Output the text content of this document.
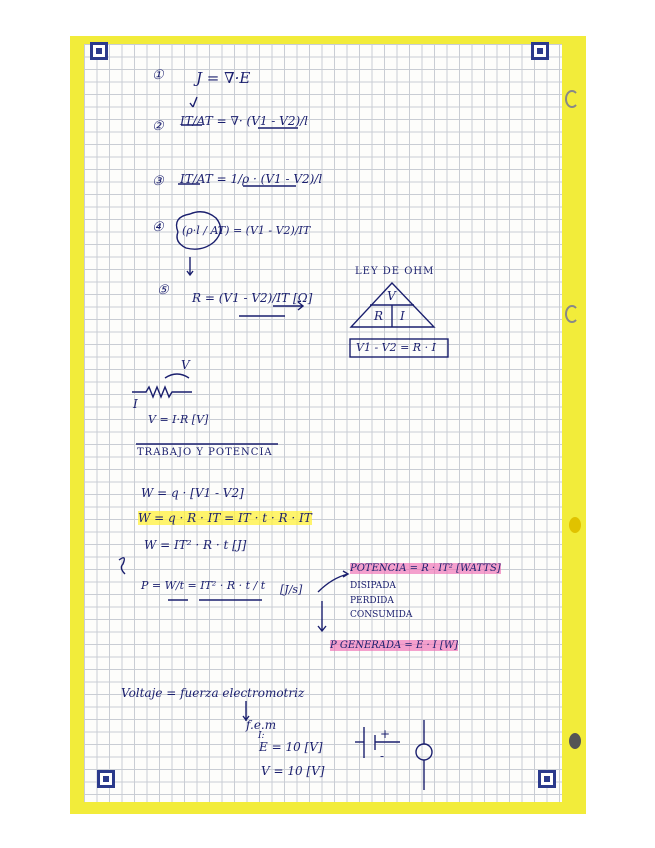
① J = ∇·E
② IT/AT = ∇· (V1 - V2)/l
③ IT/AT = 1/ρ · (V1 - V2)/l
④ (ρ·l / AT) = (V1 - V2)/IT
⑤ R = (V1 - V2)/IT [Ω]
LEY DE OHM
V
R I
V1 - V2 = R · I
V
I
V = I·R [V]
TRABAJO Y POTENCIA
W = q · [V1 - V2]
W = q · R · IT = IT · t · R · IT
W = IT² · R · t [J]
P = W/t = IT² · R · t / t [J/s]
POTENCIA = R · IT² [WATTS]
DISIPADA
PERDIDA
CONSUMIDA
P GENERADA = E · I [W]
Voltaje = fuerza electromotriz
f.e.m
I:
E = 10 [V]
V = 10 [V]
+
-
